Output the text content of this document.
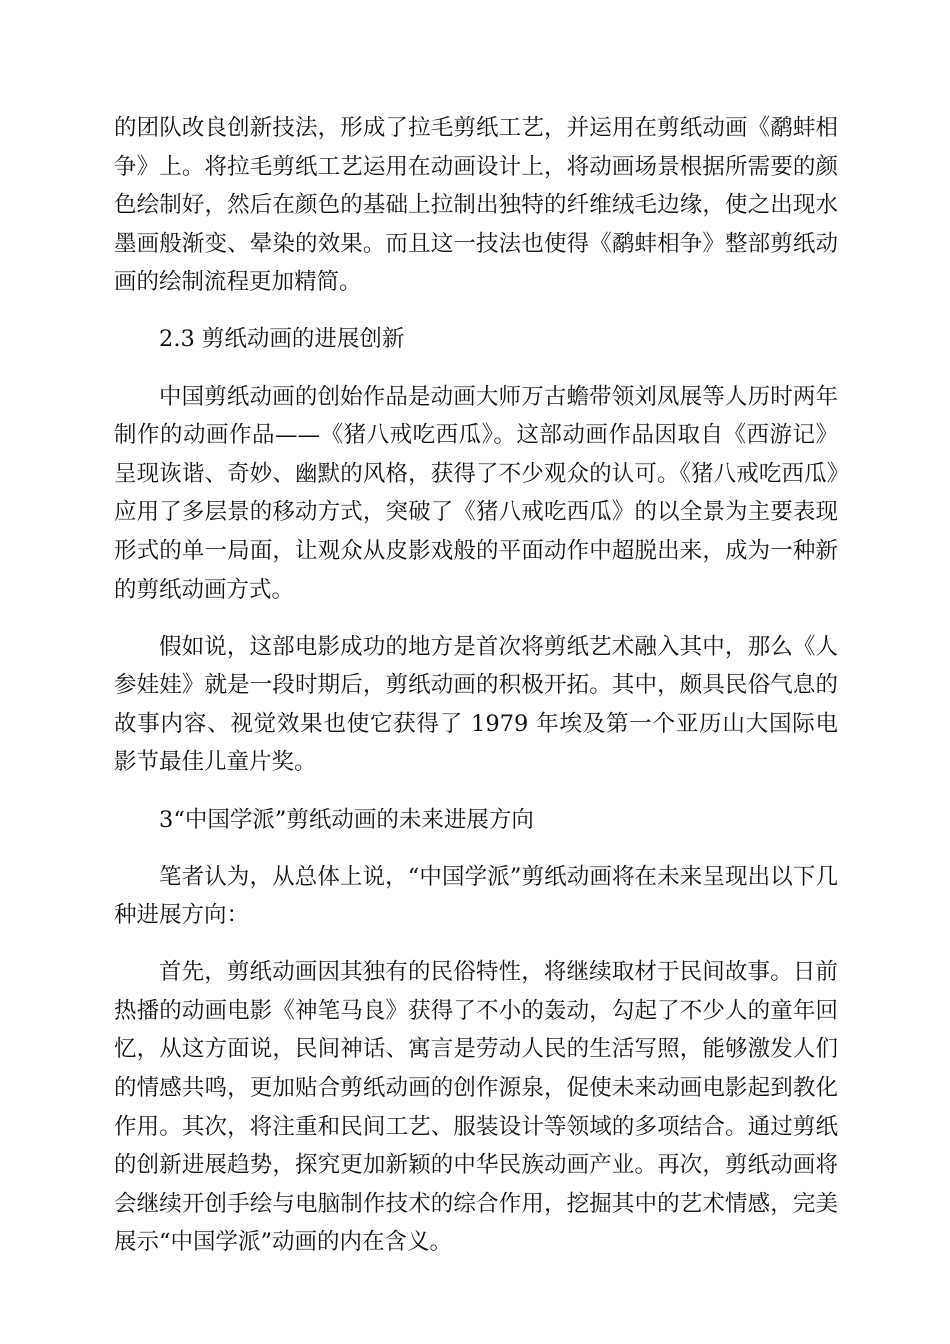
的团队改良创新技法，形成了拉毛剪纸工艺，并运用在剪纸动画《鹬蚌相争》上。将拉毛剪纸工艺运用在动画设计上，将动画场景根据所需要的颜色绘制好，然后在颜色的基础上拉制出独特的纤维绒毛边缘，使之出现水墨画般渐变、晕染的效果。而且这一技法也使得《鹬蚌相争》整部剪纸动画的绘制流程更加精简。

2.3 剪纸动画的进展创新

中国剪纸动画的创始作品是动画大师万古蟾带领刘凤展等人历时两年制作的动画作品——《猪八戒吃西瓜》。这部动画作品因取自《西游记》呈现诙谐、奇妙、幽默的风格，获得了不少观众的认可。《猪八戒吃西瓜》应用了多层景的移动方式，突破了《猪八戒吃西瓜》的以全景为主要表现形式的单一局面，让观众从皮影戏般的平面动作中超脱出来，成为一种新的剪纸动画方式。

假如说，这部电影成功的地方是首次将剪纸艺术融入其中，那么《人参娃娃》就是一段时期后，剪纸动画的积极开拓。其中，颇具民俗气息的故事内容、视觉效果也使它获得了 1979 年埃及第一个亚历山大国际电影节最佳儿童片奖。

3“中国学派”剪纸动画的未来进展方向

笔者认为，从总体上说，“中国学派”剪纸动画将在未来呈现出以下几种进展方向：

首先，剪纸动画因其独有的民俗特性，将继续取材于民间故事。日前热播的动画电影《神笔马良》获得了不小的轰动，勾起了不少人的童年回忆，从这方面说，民间神话、寓言是劳动人民的生活写照，能够激发人们的情感共鸣，更加贴合剪纸动画的创作源泉，促使未来动画电影起到教化作用。其次，将注重和民间工艺、服装设计等领域的多项结合。通过剪纸的创新进展趋势，探究更加新颖的中华民族动画产业。再次，剪纸动画将会继续开创手绘与电脑制作技术的综合作用，挖掘其中的艺术情感，完美展示“中国学派”动画的内在含义。
